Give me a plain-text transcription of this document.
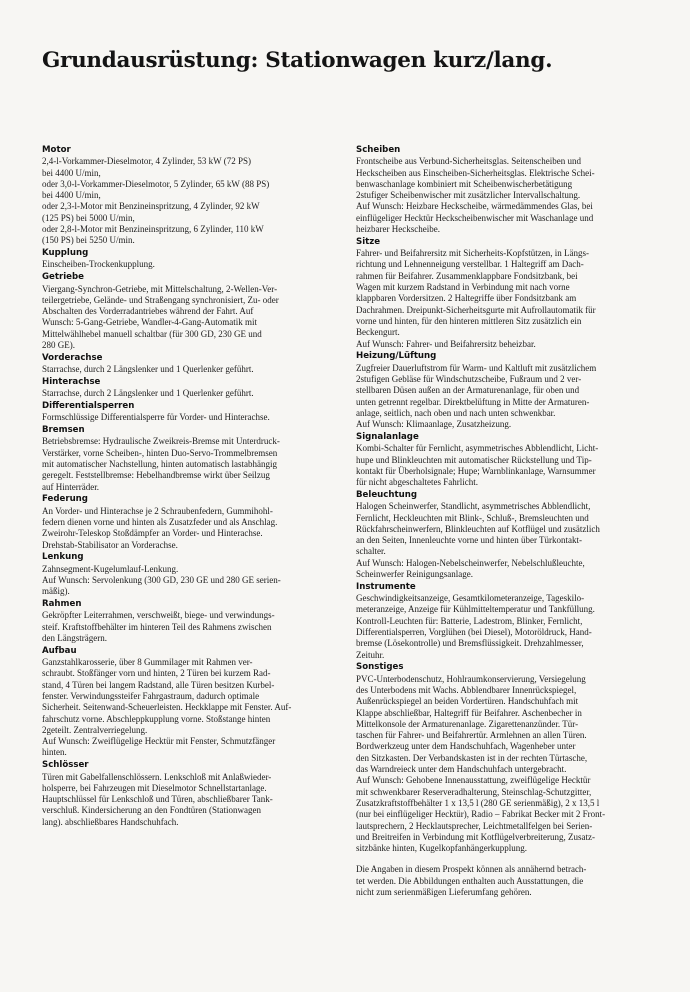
Grundausrüstung: Stationwagen kurz/lang.
Motor

2,4-l-Vorkammer-Dieselmotor, 4 Zylinder, 53 kW (72 PS)
bei 4400 U/min,
oder 3,0-l-Vorkammer-Dieselmotor, 5 Zylinder, 65 kW (88 PS)
bei 4400 U/min,
oder 2,3-l-Motor mit Benzineinspritzung, 4 Zylinder, 92 kW
(125 PS) bei 5000 U/min,
oder 2,8-l-Motor mit Benzineinspritzung, 6 Zylinder, 110 kW
(150 PS) bei 5250 U/min.

Kupplung

Einscheiben-Trockenkupplung.

Getriebe

Viergang-Synchron-Getriebe, mit Mittelschaltung, 2-Wellen-Ver-
teilergetriebe, Gelände- und Straßengang synchronisiert, Zu- oder
Abschalten des Vorderradantriebes während der Fahrt. Auf
Wunsch: 5-Gang-Getriebe, Wandler-4-Gang-Automatik mit
Mittelwählhebel manuell schaltbar (für 300 GD, 230 GE und
280 GE).

Vorderachse

Starrachse, durch 2 Längslenker und 1 Querlenker geführt.

Hinterachse

Starrachse, durch 2 Längslenker und 1 Querlenker geführt.

Differentialsperren

Formschlüssige Differentialsperre für Vorder- und Hinterachse.

Bremsen

Betriebsbremse: Hydraulische Zweikreis-Bremse mit Unterdruck-
Verstärker, vorne Scheiben-, hinten Duo-Servo-Trommelbremsen
mit automatischer Nachstellung, hinten automatisch lastabhängig
geregelt. Feststellbremse: Hebelhandbremse wirkt über Seilzug
auf Hinterräder.

Federung

An Vorder- und Hinterachse je 2 Schraubenfedern, Gummihohl-
federn dienen vorne und hinten als Zusatzfeder und als Anschlag.
Zweirohr-Teleskop Stoßdämpfer an Vorder- und Hinterachse.
Drehstab-Stabilisator an Vorderachse.

Lenkung

Zahnsegment-Kugelumlauf-Lenkung.
Auf Wunsch: Servolenkung (300 GD, 230 GE und 280 GE serien-
mäßig).

Rahmen

Gekröpfter Leiterrahmen, verschweißt, biege- und verwindungs-
steif. Kraftstoffbehälter im hinteren Teil des Rahmens zwischen
den Längsträgern.

Aufbau

Ganzstahlkarosserie, über 8 Gummilager mit Rahmen ver-
schraubt. Stoßfänger vorn und hinten, 2 Türen bei kurzem Rad-
stand, 4 Türen bei langem Radstand, alle Türen besitzen Kurbel-
fenster. Verwindungssteifer Fahrgastraum, dadurch optimale
Sicherheit. Seitenwand-Scheuerleisten. Heckklappe mit Fenster. Auf-
fahrschutz vorne. Abschleppkupplung vorne. Stoßstange hinten
2geteilt. Zentralverriegelung.
Auf Wunsch: Zweiflügelige Hecktür mit Fenster, Schmutzfänger
hinten.

Schlösser

Türen mit Gabelfallenschlössern. Lenkschloß mit Anlaßwieder-
holsperre, bei Fahrzeugen mit Dieselmotor Schnellstartanlage.
Hauptschlüssel für Lenkschloß und Türen, abschließbarer Tank-
verschluß. Kindersicherung an den Fondtüren (Stationwagen
lang). abschließbares Handschuhfach.

Scheiben

Frontscheibe aus Verbund-Sicherheitsglas. Seitenscheiben und
Heckscheiben aus Einscheiben-Sicherheitsglas. Elektrische Schei-
benwaschanlage kombiniert mit Scheibenwischerbetätigung
2stufiger Scheibenwischer mit zusätzlicher Intervallschaltung.
Auf Wunsch: Heizbare Heckscheibe, wärmedämmendes Glas, bei
einflügeliger Hecktür Heckscheibenwischer mit Waschanlage und
heizbarer Heckscheibe.

Sitze

Fahrer- und Beifahrersitz mit Sicherheits-Kopfstützen, in Längs-
richtung und Lehnenneigung verstellbar. 1 Haltegriff am Dach-
rahmen für Beifahrer. Zusammenklappbare Fondsitzbank, bei
Wagen mit kurzem Radstand in Verbindung mit nach vorne
klappbaren Vordersitzen. 2 Haltegriffe über Fondsitzbank am
Dachrahmen. Dreipunkt-Sicherheitsgurte mit Aufrollautomatik für
vorne und hinten, für den hinteren mittleren Sitz zusätzlich ein
Beckengurt.
Auf Wunsch: Fahrer- und Beifahrersitz beheizbar.

Heizung/Lüftung

Zugfreier Dauerluftstrom für Warm- und Kaltluft mit zusätzlichem
2stufigen Gebläse für Windschutzscheibe, Fußraum und 2 ver-
stellbaren Düsen außen an der Armaturenanlage, für oben und
unten getrennt regelbar. Direktbelüftung in Mitte der Armaturen-
anlage, seitlich, nach oben und nach unten schwenkbar.
Auf Wunsch: Klimaanlage, Zusatzheizung.

Signalanlage

Kombi-Schalter für Fernlicht, asymmetrisches Abblendlicht, Licht-
hupe und Blinkleuchten mit automatischer Rückstellung und Tip-
kontakt für Überholsignale; Hupe; Warnblinkanlage, Warnsummer
für nicht abgeschaltetes Fahrlicht.

Beleuchtung

Halogen Scheinwerfer, Standlicht, asymmetrisches Abblendlicht,
Fernlicht, Heckleuchten mit Blink-, Schluß-, Bremsleuchten und
Rückfahrscheinwerfern, Blinkleuchten auf Kotflügel und zusätzlich
an den Seiten, Innenleuchte vorne und hinten über Türkontakt-
schalter.
Auf Wunsch: Halogen-Nebelscheinwerfer, Nebelschlußleuchte,
Scheinwerfer Reinigungsanlage.

Instrumente

Geschwindigkeitsanzeige, Gesamtkilometeranzeige, Tageskilo-
meteranzeige, Anzeige für Kühlmitteltemperatur und Tankfüllung.
Kontroll-Leuchten für: Batterie, Ladestrom, Blinker, Fernlicht,
Differentialsperren, Vorglühen (bei Diesel), Motoröldruck, Hand-
bremse (Lösekontrolle) und Bremsflüssigkeit. Drehzahlmesser,
Zeituhr.

Sonstiges

PVC-Unterbodenschutz, Hohlraumkonservierung, Versiegelung
des Unterbodens mit Wachs. Abblendbarer Innenrückspiegel,
Außenrückspiegel an beiden Vordertüren. Handschuhfach mit
Klappe abschließbar, Haltegriff für Beifahrer. Aschenbecher in
Mittelkonsole der Armaturenanlage. Zigarettenanzünder. Tür-
taschen für Fahrer- und Beifahrertür. Armlehnen an allen Türen.
Bordwerkzeug unter dem Handschuhfach, Wagenheber unter
den Sitzkasten. Der Verbandskasten ist in der rechten Türtasche,
das Warndreieck unter dem Handschuhfach untergebracht.
Auf Wunsch: Gehobene Innenausstattung, zweiflügelige Hecktür
mit schwenkbarer Reserveradhalterung, Steinschlag-Schutzgitter,
Zusatzkraftstoffbehälter 1 x 13,5 l (280 GE serienmäßig), 2 x 13,5 l
(nur bei einflügeliger Hecktür), Radio – Fabrikat Becker mit 2 Front-
lautsprechern, 2 Hecklautsprecher, Leichtmetallfelgen bei Serien-
und Breitreifen in Verbindung mit Kotflügelverbreiterung, Zusatz-
sitzbänke hinten, Kugelkopfanhängerkupplung.

Die Angaben in diesem Prospekt können als annähernd betrach-
tet werden. Die Abbildungen enthalten auch Ausstattungen, die
nicht zum serienmäßigen Lieferumfang gehören.
